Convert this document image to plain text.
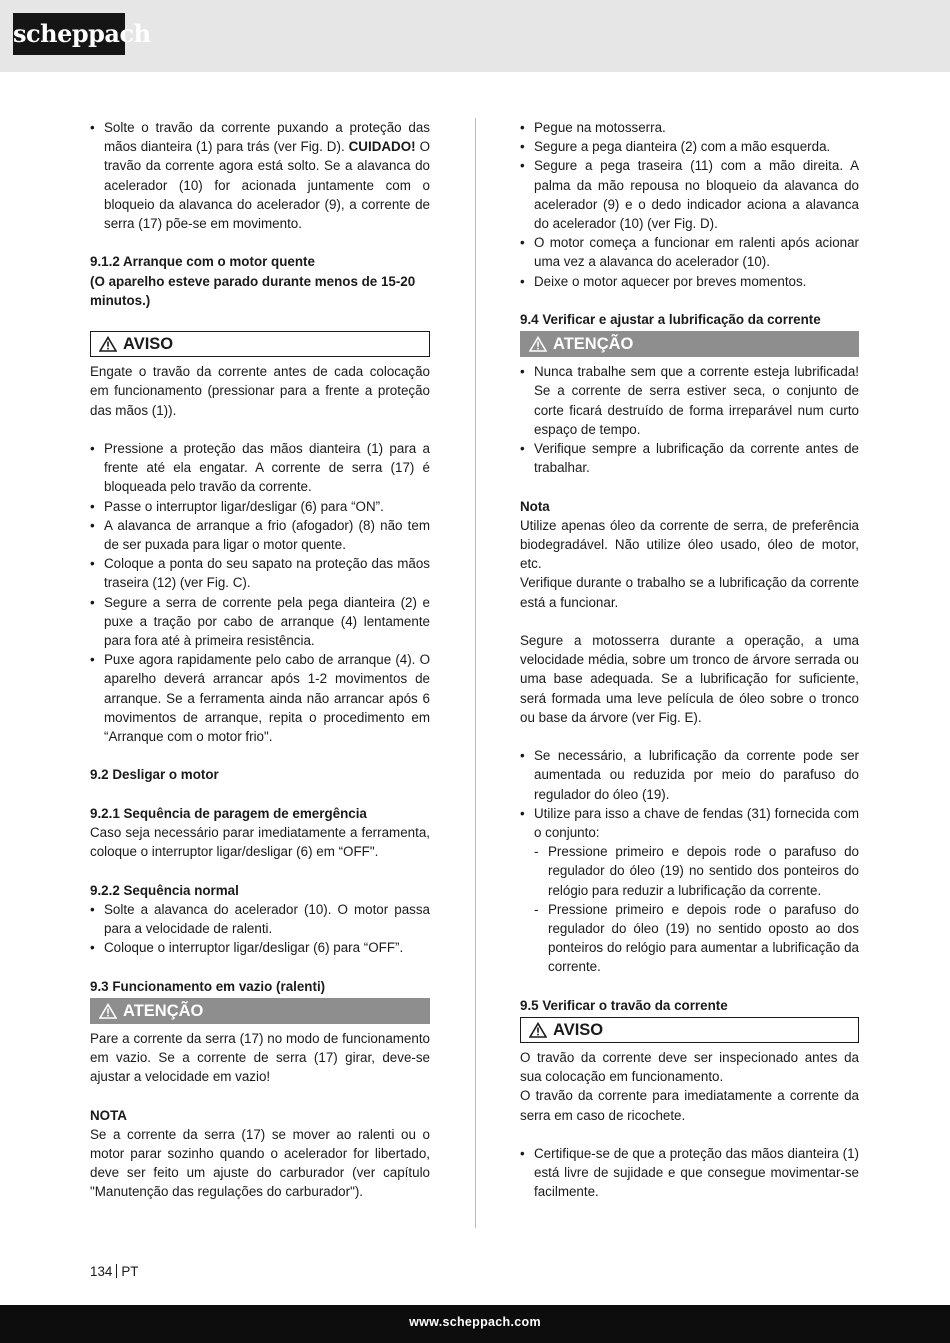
scheppach
• Solte o travão da corrente puxando a proteção das mãos dianteira (1) para trás (ver Fig. D). CUIDADO! O travão da corrente agora está solto. Se a alavanca do acelerador (10) for acionada juntamente com o bloqueio da alavanca do acelerador (9), a corrente de serra (17) põe-se em movimento.

9.1.2 Arranque com o motor quente

(O aparelho esteve parado durante menos de 15-20 minutos.)

AVISO

Engate o travão da corrente antes de cada colocação em funcionamento (pressionar para a frente a proteção das mãos (1)).

• Pressione a proteção das mãos dianteira (1) para a frente até ela engatar. A corrente de serra (17) é bloqueada pelo travão da corrente.
• Passe o interruptor ligar/desligar (6) para “ON”.
• A alavanca de arranque a frio (afogador) (8) não tem de ser puxada para ligar o motor quente.
• Coloque a ponta do seu sapato na proteção das mãos traseira (12) (ver Fig. C).
• Segure a serra de corrente pela pega dianteira (2) e puxe a tração por cabo de arranque (4) lentamente para fora até à primeira resistência.
• Puxe agora rapidamente pelo cabo de arranque (4). O aparelho deverá arrancar após 1-2 movimentos de arranque. Se a ferramenta ainda não arrancar após 6 movimentos de arranque, repita o procedimento em “Arranque com o motor frio".

9.2 Desligar o motor

9.2.1 Sequência de paragem de emergência

Caso seja necessário parar imediatamente a ferramenta, coloque o interruptor ligar/desligar (6) em “OFF".

9.2.2 Sequência normal

• Solte a alavanca do acelerador (10). O motor passa para a velocidade de ralenti.
• Coloque o interruptor ligar/desligar (6) para “OFF”.

9.3 Funcionamento em vazio (ralenti)

ATENÇÃO

Pare a corrente da serra (17) no modo de funcionamento em vazio. Se a corrente de serra (17) girar, deve-se ajustar a velocidade em vazio!

NOTA

Se a corrente da serra (17) se mover ao ralenti ou o motor parar sozinho quando o acelerador for libertado, deve ser feito um ajuste do carburador (ver capítulo "Manutenção das regulações do carburador").

• Pegue na motosserra.
• Segure a pega dianteira (2) com a mão esquerda.
• Segure a pega traseira (11) com a mão direita. A palma da mão repousa no bloqueio da alavanca do acelerador (9) e o dedo indicador aciona a alavanca do acelerador (10) (ver Fig. D).
• O motor começa a funcionar em ralenti após acionar uma vez a alavanca do acelerador (10).
• Deixe o motor aquecer por breves momentos.

9.4 Verificar e ajustar a lubrificação da corrente

ATENÇÃO
• Nunca trabalhe sem que a corrente esteja lubrificada! Se a corrente de serra estiver seca, o conjunto de corte ficará destruído de forma irreparável num curto espaço de tempo.
• Verifique sempre a lubrificação da corrente antes de trabalhar.

Nota

Utilize apenas óleo da corrente de serra, de preferência biodegradável. Não utilize óleo usado, óleo de motor, etc.

Verifique durante o trabalho se a lubrificação da corrente está a funcionar.

Segure a motosserra durante a operação, a uma velocidade média, sobre um tronco de árvore serrada ou uma base adequada. Se a lubrificação for suficiente, será formada uma leve película de óleo sobre o tronco ou base da árvore (ver Fig. E).

• Se necessário, a lubrificação da corrente pode ser aumentada ou reduzida por meio do parafuso do regulador do óleo (19).
• Utilize para isso a chave de fendas (31) fornecida com o conjunto:
- Pressione primeiro e depois rode o parafuso do regulador do óleo (19) no sentido dos ponteiros do relógio para reduzir a lubrificação da corrente.
- Pressione primeiro e depois rode o parafuso do regulador do óleo (19) no sentido oposto ao dos ponteiros do relógio para aumentar a lubrificação da corrente.

9.5 Verificar o travão da corrente

AVISO

O travão da corrente deve ser inspecionado antes da sua colocação em funcionamento.

O travão da corrente para imediatamente a corrente da serra em caso de ricochete.

• Certifique-se de que a proteção das mãos dianteira (1) está livre de sujidade e que consegue movimentar-se facilmente.
134 PT
www.scheppach.com
